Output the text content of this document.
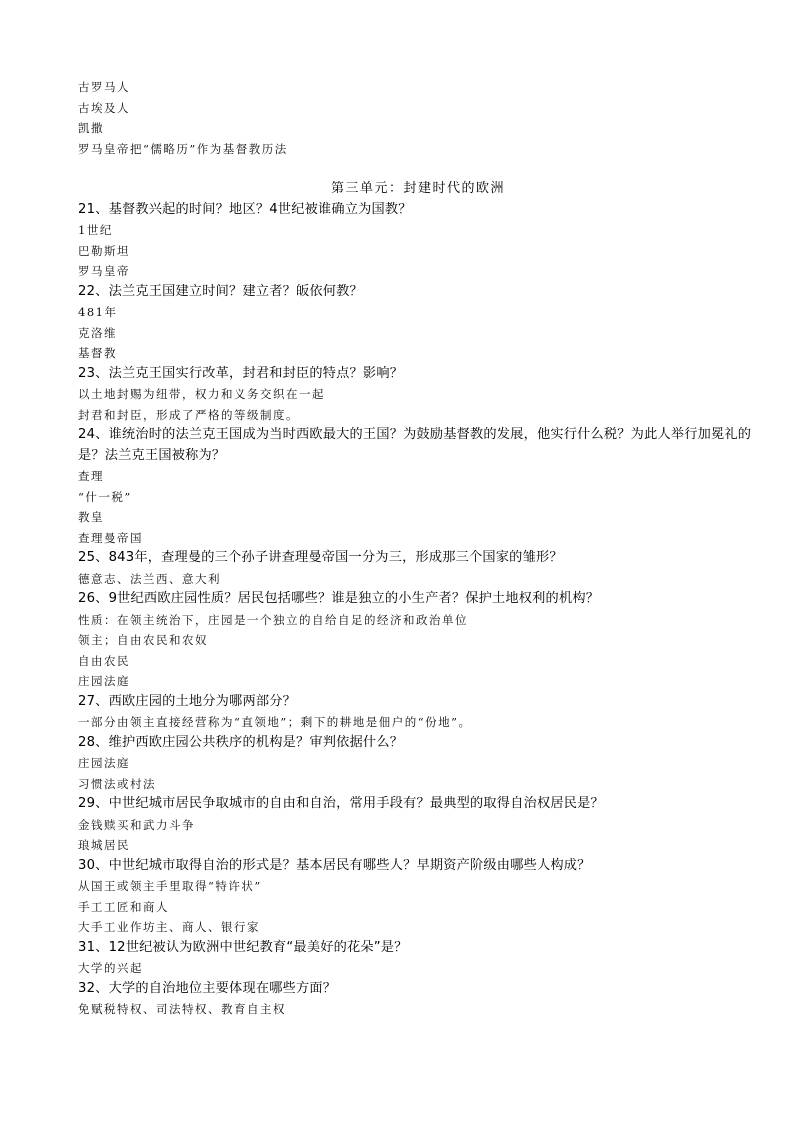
古罗马人
古埃及人
凯撒
罗马皇帝把“儒略历”作为基督教历法
第三单元：封建时代的欧洲
21、基督教兴起的时间？地区？4世纪被谁确立为国教？
1世纪
巴勒斯坦
罗马皇帝
22、法兰克王国建立时间？建立者？皈依何教？
481年
克洛维
基督教
23、法兰克王国实行改革，封君和封臣的特点？影响？
以土地封赐为纽带，权力和义务交织在一起
封君和封臣，形成了严格的等级制度。
24、谁统治时的法兰克王国成为当时西欧最大的王国？为鼓励基督教的发展，他实行什么税？为此人举行加冕礼的是？法兰克王国被称为？
查理
“什一税”
教皇
查理曼帝国
25、843年，查理曼的三个孙子讲查理曼帝国一分为三，形成那三个国家的雏形？
德意志、法兰西、意大利
26、9世纪西欧庄园性质？居民包括哪些？谁是独立的小生产者？保护土地权利的机构？
性质：在领主统治下，庄园是一个独立的自给自足的经济和政治单位
领主；自由农民和农奴
自由农民
庄园法庭
27、西欧庄园的土地分为哪两部分？
一部分由领主直接经营称为“直领地”；剩下的耕地是佃户的“份地”。
28、维护西欧庄园公共秩序的机构是？审判依据什么？
庄园法庭
习惯法或村法
29、中世纪城市居民争取城市的自由和自治，常用手段有？最典型的取得自治权居民是？
金钱赎买和武力斗争
琅城居民
30、中世纪城市取得自治的形式是？基本居民有哪些人？早期资产阶级由哪些人构成？
从国王或领主手里取得“特许状”
手工工匠和商人
大手工业作坊主、商人、银行家
31、12世纪被认为欧洲中世纪教育“最美好的花朵”是？
大学的兴起
32、大学的自治地位主要体现在哪些方面？
免赋税特权、司法特权、教育自主权
